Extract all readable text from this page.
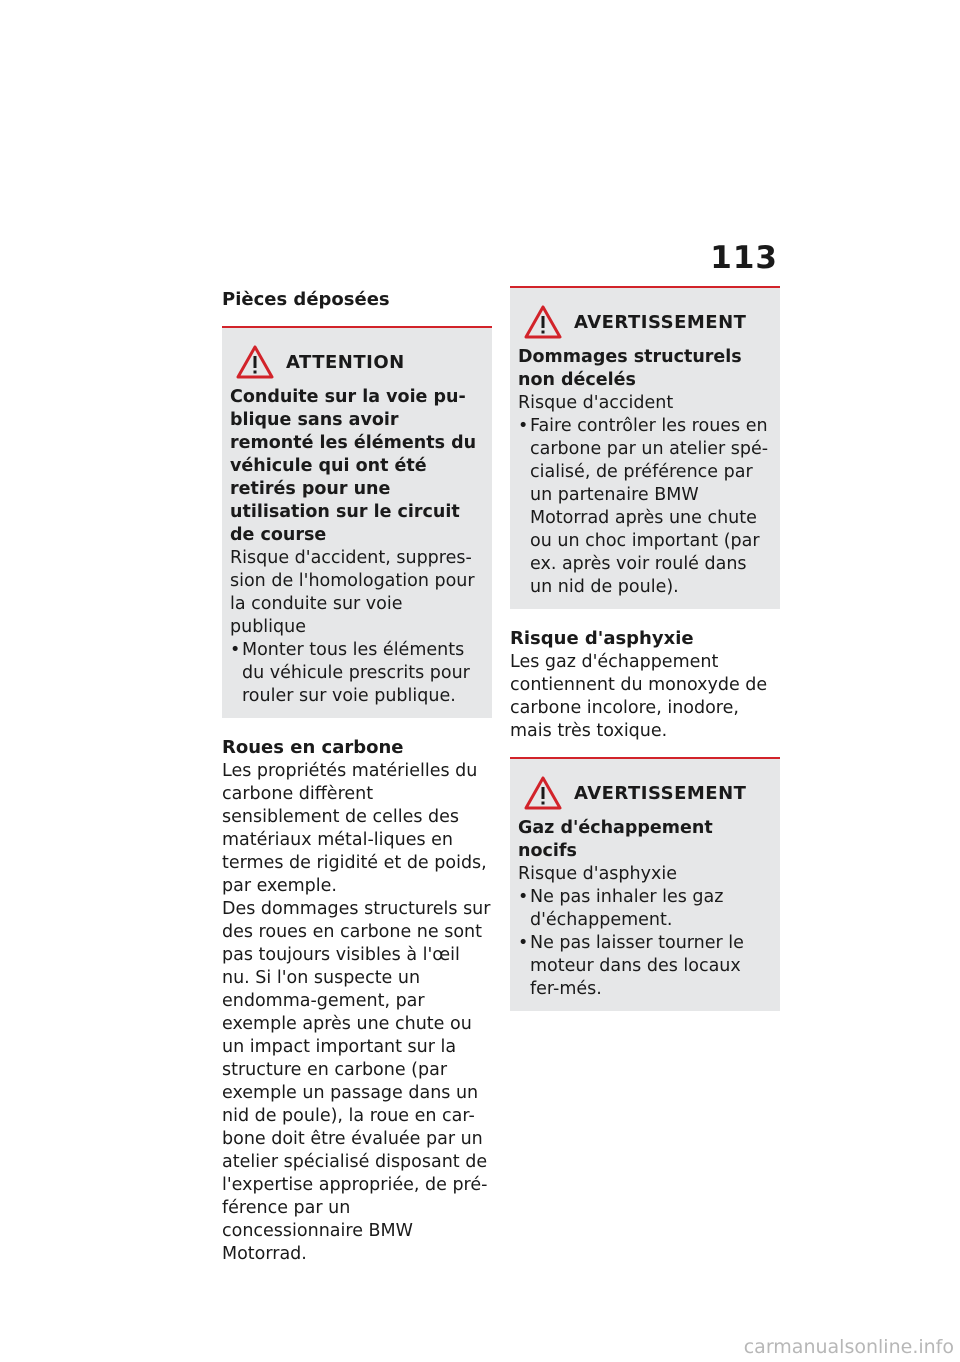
113

Pièces déposées

ATTENTION

Conduite sur la voie pu-blique sans avoir remonté les éléments du véhicule qui ont été retirés pour une utilisation sur le circuit de course

Risque d'accident, suppres-sion de l'homologation pour la conduite sur voie publique

• Monter tous les éléments du véhicule prescrits pour rouler sur voie publique.

Roues en carbone

Les propriétés matérielles du carbone diffèrent sensiblement de celles des matériaux métal-liques en termes de rigidité et de poids, par exemple.

Des dommages structurels sur des roues en carbone ne sont pas toujours visibles à l'œil nu. Si l'on suspecte un endomma-gement, par exemple après une chute ou un impact important sur la structure en carbone (par exemple un passage dans un nid de poule), la roue en car-bone doit être évaluée par un atelier spécialisé disposant de l'expertise appropriée, de pré-férence par un concessionnaire BMW Motorrad.

AVERTISSEMENT

Dommages structurels non décelés

Risque d'accident

• Faire contrôler les roues en carbone par un atelier spé-cialisé, de préférence par un partenaire BMW Motorrad après une chute ou un choc important (par ex. après voir roulé dans un nid de poule).

Risque d'asphyxie

Les gaz d'échappement contiennent du monoxyde de carbone incolore, inodore, mais très toxique.

AVERTISSEMENT

Gaz d'échappement nocifs

Risque d'asphyxie

• Ne pas inhaler les gaz d'échappement.
• Ne pas laisser tourner le moteur dans des locaux fer-més.
carmanualsonline.info
